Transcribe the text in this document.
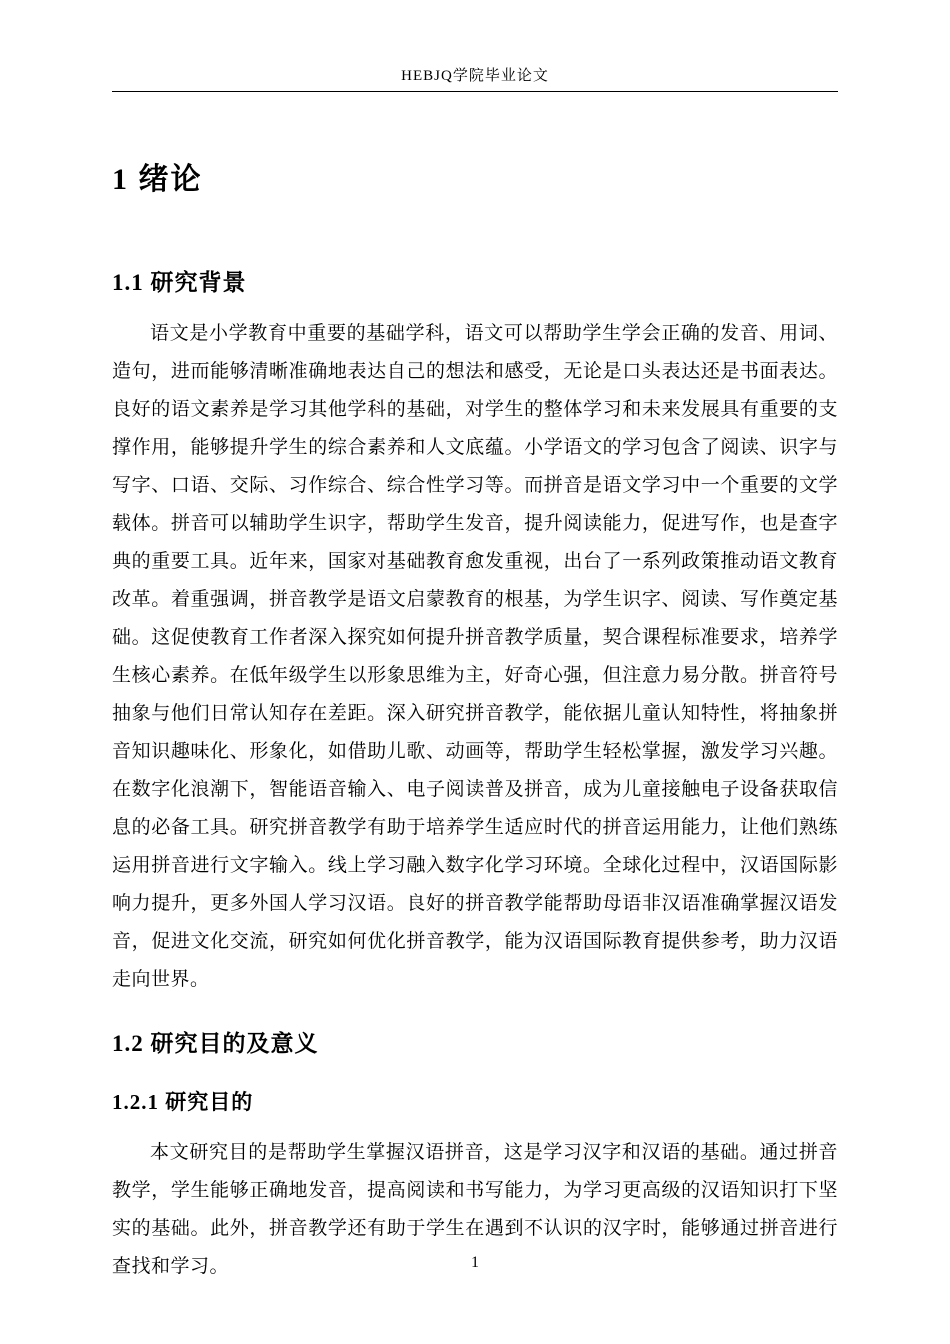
HEBJQ学院毕业论文
1 绪论
1.1 研究背景

语文是小学教育中重要的基础学科，语文可以帮助学生学会正确的发音、用词、造句，进而能够清晰准确地表达自己的想法和感受，无论是口头表达还是书面表达。良好的语文素养是学习其他学科的基础，对学生的整体学习和未来发展具有重要的支撑作用，能够提升学生的综合素养和人文底蕴。小学语文的学习包含了阅读、识字与写字、口语、交际、习作综合、综合性学习等。而拼音是语文学习中一个重要的文学载体。拼音可以辅助学生识字，帮助学生发音，提升阅读能力，促进写作，也是查字典的重要工具。近年来，国家对基础教育愈发重视，出台了一系列政策推动语文教育改革。着重强调，拼音教学是语文启蒙教育的根基，为学生识字、阅读、写作奠定基础。这促使教育工作者深入探究如何提升拼音教学质量，契合课程标准要求，培养学生核心素养。在低年级学生以形象思维为主，好奇心强，但注意力易分散。拼音符号抽象与他们日常认知存在差距。深入研究拼音教学，能依据儿童认知特性，将抽象拼音知识趣味化、形象化，如借助儿歌、动画等，帮助学生轻松掌握，激发学习兴趣。在数字化浪潮下，智能语音输入、电子阅读普及拼音，成为儿童接触电子设备获取信息的必备工具。研究拼音教学有助于培养学生适应时代的拼音运用能力，让他们熟练运用拼音进行文字输入。线上学习融入数字化学习环境。全球化过程中，汉语国际影响力提升，更多外国人学习汉语。良好的拼音教学能帮助母语非汉语准确掌握汉语发音，促进文化交流，研究如何优化拼音教学，能为汉语国际教育提供参考，助力汉语走向世界。

1.2 研究目的及意义
1.2.1 研究目的

本文研究目的是帮助学生掌握汉语拼音，这是学习汉字和汉语的基础。通过拼音教学，学生能够正确地发音，提高阅读和书写能力，为学习更高级的汉语知识打下坚实的基础。此外，拼音教学还有助于学生在遇到不认识的汉字时，能够通过拼音进行查找和学习。	1
